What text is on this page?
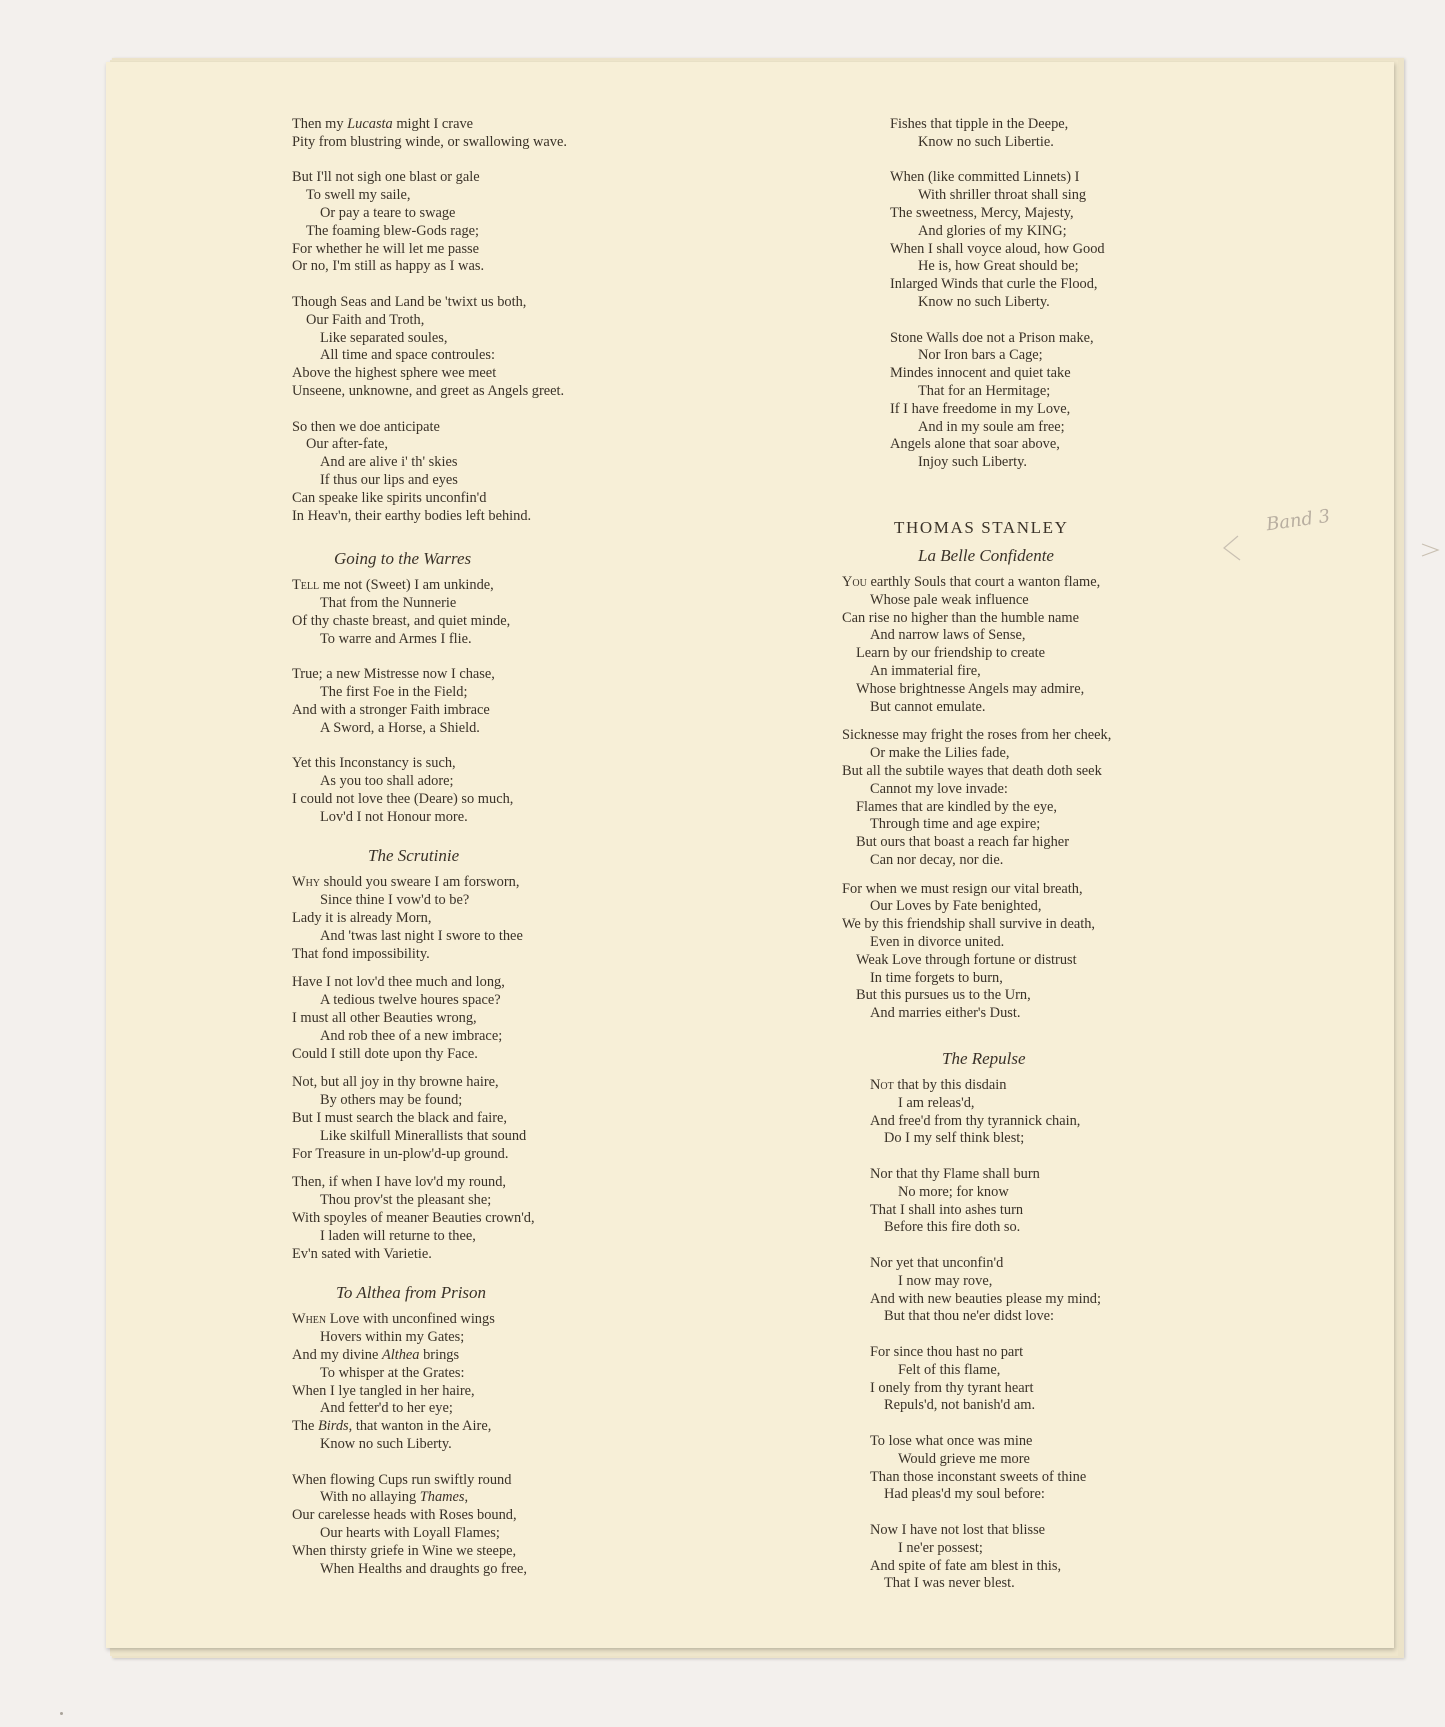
Then my Lucasta might I crave
Pity from blustring winde, or swallowing wave.
But I'll not sigh one blast or gale
To swell my saile,
Or pay a teare to swage
The foaming blew-Gods rage;
For whether he will let me passe
Or no, I'm still as happy as I was.
Though Seas and Land be 'twixt us both,
Our Faith and Troth,
Like separated soules,
All time and space controules:
Above the highest sphere wee meet
Unseene, unknowne, and greet as Angels greet.
So then we doe anticipate
Our after-fate,
And are alive i' th' skies
If thus our lips and eyes
Can speake like spirits unconfin'd
In Heav'n, their earthy bodies left behind.
Going to the Warres
Tell me not (Sweet) I am unkinde,
That from the Nunnerie
Of thy chaste breast, and quiet minde,
To warre and Armes I flie.
True; a new Mistresse now I chase,
The first Foe in the Field;
And with a stronger Faith imbrace
A Sword, a Horse, a Shield.
Yet this Inconstancy is such,
As you too shall adore;
I could not love thee (Deare) so much,
Lov'd I not Honour more.
The Scrutinie
Why should you sweare I am forsworn,
Since thine I vow'd to be?
Lady it is already Morn,
And 'twas last night I swore to thee
That fond impossibility.
Have I not lov'd thee much and long,
A tedious twelve houres space?
I must all other Beauties wrong,
And rob thee of a new imbrace;
Could I still dote upon thy Face.
Not, but all joy in thy browne haire,
By others may be found;
But I must search the black and faire,
Like skilfull Minerallists that sound
For Treasure in un-plow'd-up ground.
Then, if when I have lov'd my round,
Thou prov'st the pleasant she;
With spoyles of meaner Beauties crown'd,
I laden will returne to thee,
Ev'n sated with Varietie.
To Althea from Prison
When Love with unconfined wings
Hovers within my Gates;
And my divine Althea brings
To whisper at the Grates:
When I lye tangled in her haire,
And fetter'd to her eye;
The Birds, that wanton in the Aire,
Know no such Liberty.
When flowing Cups run swiftly round
With no allaying Thames,
Our carelesse heads with Roses bound,
Our hearts with Loyall Flames;
When thirsty griefe in Wine we steepe,
When Healths and draughts go free,
Fishes that tipple in the Deepe,
Know no such Libertie.
When (like committed Linnets) I
With shriller throat shall sing
The sweetness, Mercy, Majesty,
And glories of my KING;
When I shall voyce aloud, how Good
He is, how Great should be;
Inlarged Winds that curle the Flood,
Know no such Liberty.
Stone Walls doe not a Prison make,
Nor Iron bars a Cage;
Mindes innocent and quiet take
That for an Hermitage;
If I have freedome in my Love,
And in my soule am free;
Angels alone that soar above,
Injoy such Liberty.
THOMAS STANLEY
La Belle Confidente
You earthly Souls that court a wanton flame,
Whose pale weak influence
Can rise no higher than the humble name
And narrow laws of Sense,
Learn by our friendship to create
An immaterial fire,
Whose brightnesse Angels may admire,
But cannot emulate.
Sicknesse may fright the roses from her cheek,
Or make the Lilies fade,
But all the subtile wayes that death doth seek
Cannot my love invade:
Flames that are kindled by the eye,
Through time and age expire;
But ours that boast a reach far higher
Can nor decay, nor die.
For when we must resign our vital breath,
Our Loves by Fate benighted,
We by this friendship shall survive in death,
Even in divorce united.
Weak Love through fortune or distrust
In time forgets to burn,
But this pursues us to the Urn,
And marries either's Dust.
The Repulse
Not that by this disdain
I am releas'd,
And free'd from thy tyrannick chain,
Do I my self think blest;
Nor that thy Flame shall burn
No more; for know
That I shall into ashes turn
Before this fire doth so.
Nor yet that unconfin'd
I now may rove,
And with new beauties please my mind;
But that thou ne'er didst love:
For since thou hast no part
Felt of this flame,
I onely from thy tyrant heart
Repuls'd, not banish'd am.
To lose what once was mine
Would grieve me more
Than those inconstant sweets of thine
Had pleas'd my soul before:
Now I have not lost that blisse
I ne'er possest;
And spite of fate am blest in this,
That I was never blest.
Band 3
